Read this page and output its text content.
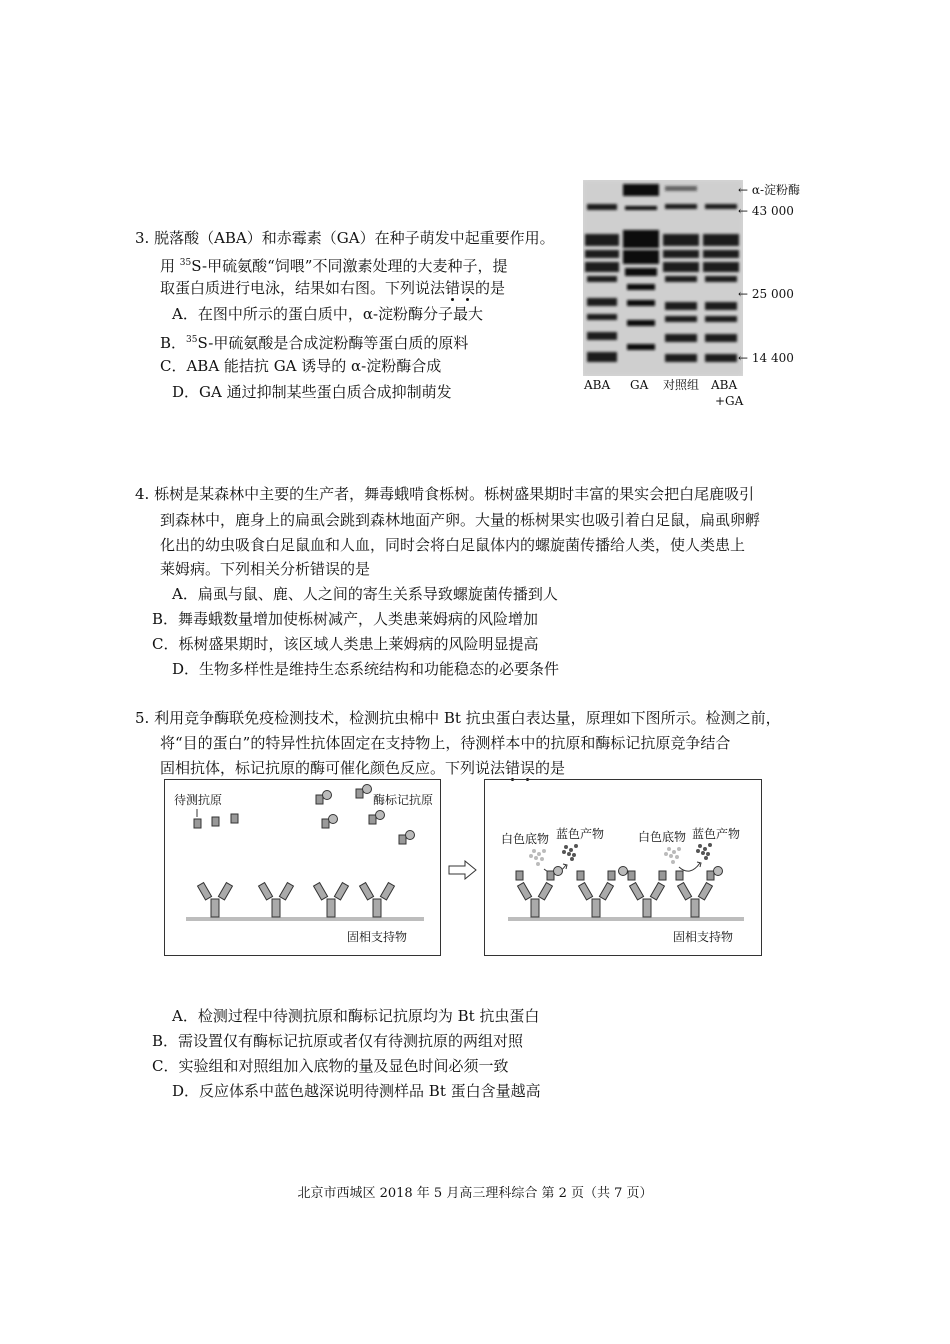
3. 脱落酸（ABA）和赤霉素（GA）在种子萌发中起重要作用。
用 $^{35}$S-甲硫氨酸“饲喂”不同激素处理的大麦种子，提
取蛋白质进行电泳，结果如右图。下列说法错误的是
A．在图中所示的蛋白质中，α-淀粉酶分子最大
B．$^{35}$S-甲硫氨酸是合成淀粉酶等蛋白质的原料
C．ABA 能拮抗 GA 诱导的 α-淀粉酶合成
D．GA 通过抑制某些蛋白质合成抑制萌发
← α-淀粉酶
← 43 000
← 25 000
← 14 400
ABA GA 对照组 ABA
+GA
4. 栎树是某森林中主要的生产者，舞毒蛾啃食栎树。栎树盛果期时丰富的果实会把白尾鹿吸引
到森林中，鹿身上的扁虱会跳到森林地面产卵。大量的栎树果实也吸引着白足鼠，扁虱卵孵
化出的幼虫吸食白足鼠血和人血，同时会将白足鼠体内的螺旋菌传播给人类，使人类患上
莱姆病。下列相关分析错误的是
A．扁虱与鼠、鹿、人之间的寄生关系导致螺旋菌传播到人
B．舞毒蛾数量增加使栎树减产，人类患莱姆病的风险增加
C．栎树盛果期时，该区域人类患上莱姆病的风险明显提高
D．生物多样性是维持生态系统结构和功能稳态的必要条件
5. 利用竞争酶联免疫检测技术，检测抗虫棉中 Bt 抗虫蛋白表达量，原理如下图所示。检测之前，
将“目的蛋白”的特异性抗体固定在支持物上，待测样本中的抗原和酶标记抗原竞争结合
固相抗体，标记抗原的酶可催化颜色反应。下列说法错误的是
待测抗原	酶标记抗原
固相支持物
白色底物 蓝色产物	白色底物 蓝色产物
固相支持物
A．检测过程中待测抗原和酶标记抗原均为 Bt 抗虫蛋白
B．需设置仅有酶标记抗原或者仅有待测抗原的两组对照
C．实验组和对照组加入底物的量及显色时间必须一致
D．反应体系中蓝色越深说明待测样品 Bt 蛋白含量越高
北京市西城区 2018 年 5 月高三理科综合 第 2 页（共 7 页）
